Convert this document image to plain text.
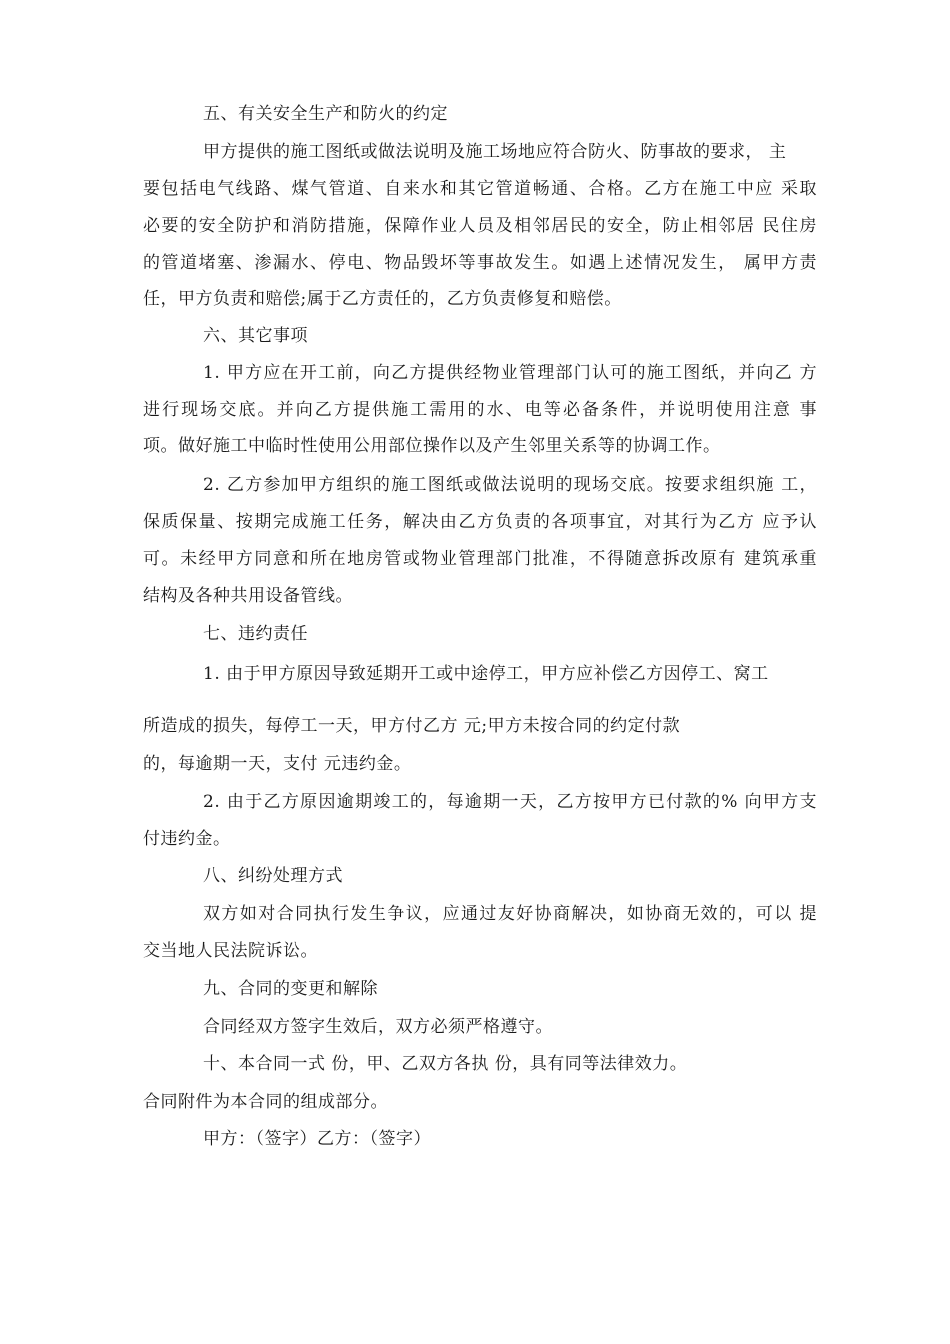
五、有关安全生产和防火的约定
甲方提供的施工图纸或做法说明及施工场地应符合防火、防事故的要求， 主
要包括电气线路、煤气管道、自来水和其它管道畅通、合格。乙方在施工中应 采取
必要的安全防护和消防措施，保障作业人员及相邻居民的安全，防止相邻居 民住房
的管道堵塞、渗漏水、停电、物品毁坏等事故发生。如遇上述情况发生， 属甲方责
任，甲方负责和赔偿;属于乙方责任的，乙方负责修复和赔偿。
六、其它事项
1. 甲方应在开工前，向乙方提供经物业管理部门认可的施工图纸，并向乙 方
进行现场交底。并向乙方提供施工需用的水、电等必备条件，并说明使用注意 事
项。做好施工中临时性使用公用部位操作以及产生邻里关系等的协调工作。
2. 乙方参加甲方组织的施工图纸或做法说明的现场交底。按要求组织施 工，
保质保量、按期完成施工任务，解决由乙方负责的各项事宜，对其行为乙方 应予认
可。未经甲方同意和所在地房管或物业管理部门批准，不得随意拆改原有 建筑承重
结构及各种共用设备管线。
七、违约责任
1. 由于甲方原因导致延期开工或中途停工，甲方应补偿乙方因停工、窝工
所造成的损失，每停工一天，甲方付乙方 元;甲方未按合同的约定付款
的，每逾期一天，支付 元违约金。
2. 由于乙方原因逾期竣工的，每逾期一天，乙方按甲方已付款的% 向甲方支
付违约金。
八、纠纷处理方式
双方如对合同执行发生争议，应通过友好协商解决，如协商无效的，可以 提
交当地人民法院诉讼。
九、合同的变更和解除
合同经双方签字生效后，双方必须严格遵守。
十、本合同一式 份，甲、乙双方各执 份，具有同等法律效力。
合同附件为本合同的组成部分。
甲方：（签字）乙方：（签字）
